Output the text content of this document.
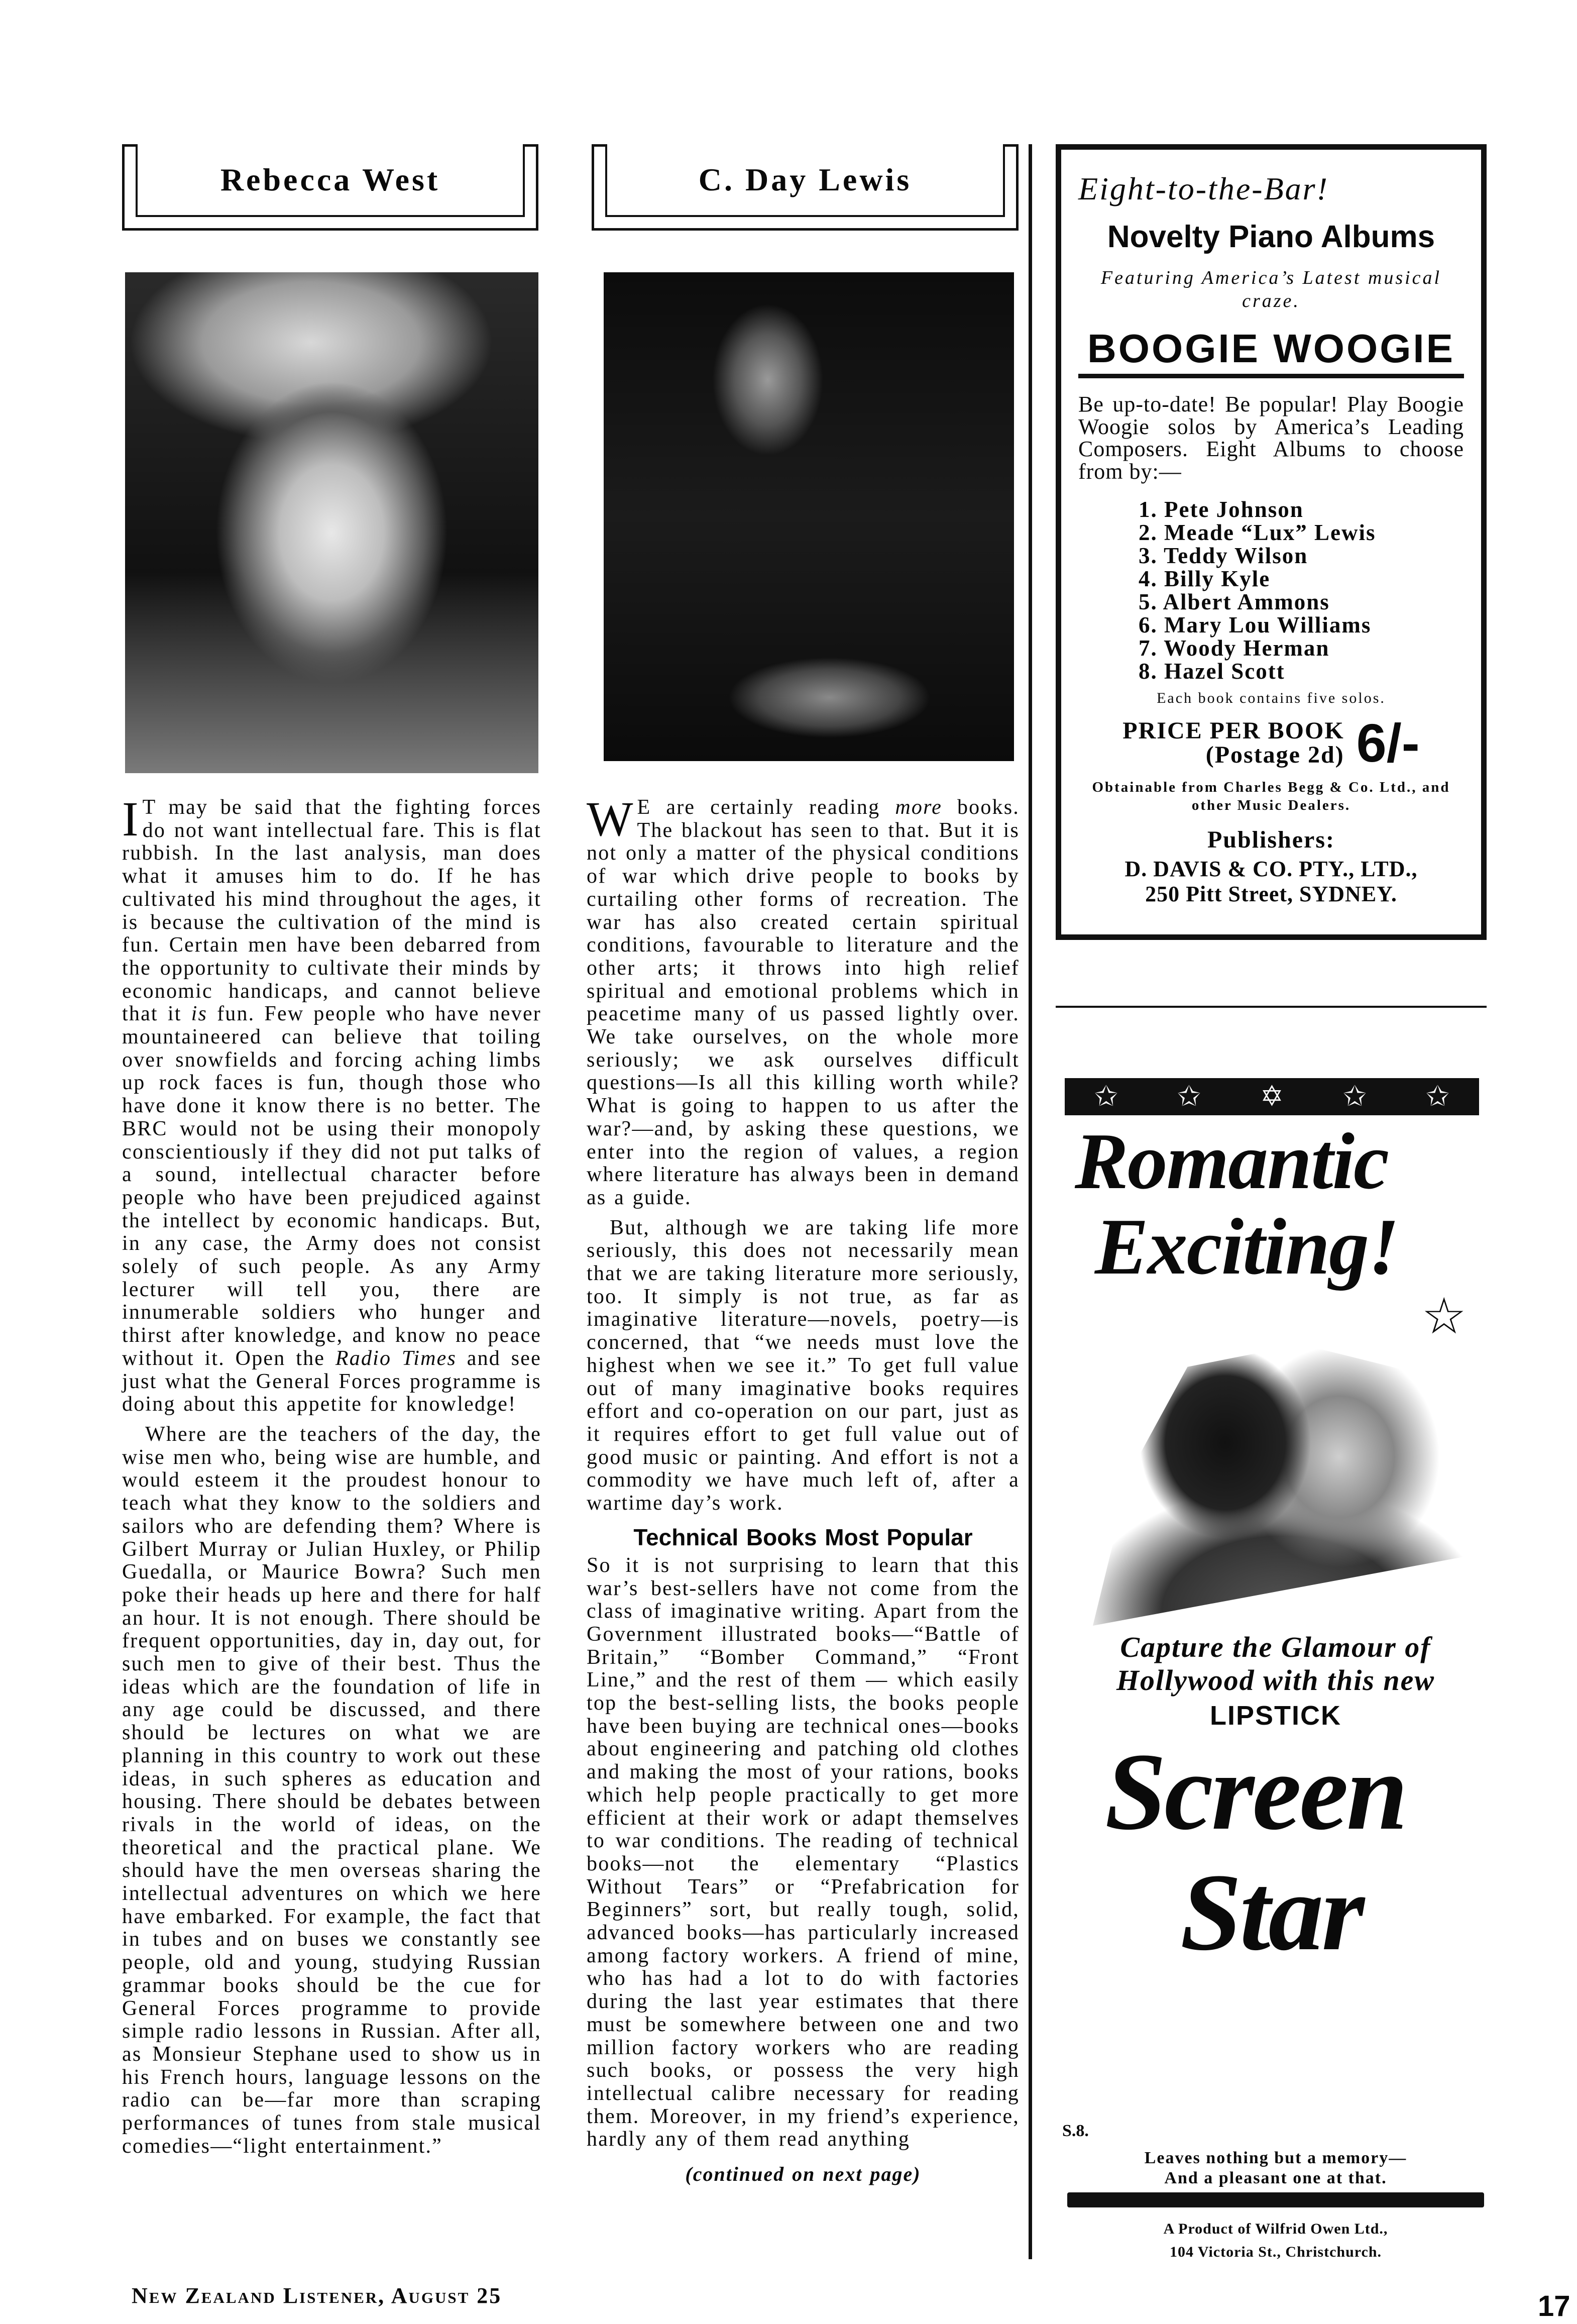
Rebecca West

I T may be said that the fighting forces do not want intellectual fare. This is flat rubbish. In the last analysis, man does what it amuses him to do. If he has cultivated his mind throughout the ages, it is because the cultivation of the mind is fun. Certain men have been debarred from the opportunity to cultivate their minds by economic handicaps, and cannot believe that it is fun. Few people who have never mountaineered can believe that toiling over snowfields and forcing aching limbs up rock faces is fun, though those who have done it know there is no better. The BRC would not be using their monopoly conscientiously if they did not put talks of a sound, intellectual character before people who have been prejudiced against the intellect by economic handicaps. But, in any case, the Army does not consist solely of such people. As any Army lecturer will tell you, there are innumerable soldiers who hunger and thirst after knowledge, and know no peace without it. Open the Radio Times and see just what the General Forces programme is doing about this appetite for knowledge!

Where are the teachers of the day, the wise men who, being wise are humble, and would esteem it the proudest honour to teach what they know to the soldiers and sailors who are defending them? Where is Gilbert Murray or Julian Huxley, or Philip Guedalla, or Maurice Bowra? Such men poke their heads up here and there for half an hour. It is not enough. There should be frequent opportunities, day in, day out, for such men to give of their best. Thus the ideas which are the foundation of life in any age could be discussed, and there should be lectures on what we are planning in this country to work out these ideas, in such spheres as education and housing. There should be debates between rivals in the world of ideas, on the theoretical and the practical plane. We should have the men overseas sharing the intellectual adventures on which we here have embarked. For example, the fact that in tubes and on buses we constantly see people, old and young, studying Russian grammar books should be the cue for General Forces programme to provide simple radio lessons in Russian. After all, as Monsieur Stephane used to show us in his French hours, language lessons on the radio can be—far more than scraping performances of tunes from stale musical comedies—“light entertainment.”

C. Day Lewis

W E are certainly reading more books. The blackout has seen to that. But it is not only a matter of the physical conditions of war which drive people to books by curtailing other forms of recreation. The war has also created certain spiritual conditions, favourable to literature and the other arts; it throws into high relief spiritual and emotional problems which in peacetime many of us passed lightly over. We take ourselves, on the whole more seriously; we ask ourselves difficult questions—Is all this killing worth while? What is going to happen to us after the war?—and, by asking these questions, we enter into the region of values, a region where literature has always been in demand as a guide.

But, although we are taking life more seriously, this does not necessarily mean that we are taking literature more seriously, too. It simply is not true, as far as imaginative literature—novels, poetry—is concerned, that “we needs must love the highest when we see it.” To get full value out of many imaginative books requires effort and co-operation on our part, just as it requires effort to get full value out of good music or painting. And effort is not a commodity we have much left of, after a wartime day’s work.

Technical Books Most Popular

So it is not surprising to learn that this war’s best-sellers have not come from the class of imaginative writing. Apart from the Government illustrated books—“Battle of Britain,” “Bomber Command,” “Front Line,” and the rest of them — which easily top the best-selling lists, the books people have been buying are technical ones—books about engineering and patching old clothes and making the most of your rations, books which help people practically to get more efficient at their work or adapt themselves to war conditions. The reading of technical books—not the elementary “Plastics Without Tears” or “Prefabrication for Beginners” sort, but really tough, solid, advanced books—has particularly increased among factory workers. A friend of mine, who has had a lot to do with factories during the last year estimates that there must be somewhere between one and two million factory workers who are reading such books, or possess the very high intellectual calibre necessary for reading them. Moreover, in my friend’s experience, hardly any of them read anything

(continued on next page)
New Zealand Listener, August 25	17
Eight-to-the-Bar!
Novelty Piano Albums
Featuring America’s Latest musical craze.
BOOGIE WOOGIE
Be up-to-date! Be popular! Play Boogie Woogie solos by America’s Leading Composers. Eight Albums to choose from by:—
1. Pete Johnson
2. Meade “Lux” Lewis
3. Teddy Wilson
4. Billy Kyle
5. Albert Ammons
6. Mary Lou Williams
7. Woody Herman
8. Hazel Scott
Each book contains five solos.
PRICE PER BOOK
(Postage 2d) 6/-
Obtainable from Charles Begg & Co. Ltd., and other Music Dealers.
Publishers:
D. DAVIS & CO. PTY., LTD.,
250 Pitt Street, SYDNEY.
✩ ✩ ✡ ✩ ✩
Romantic
Exciting!
☆
Capture the Glamour of Hollywood with this new
LIPSTICK
Screen
Star
S.8.
Leaves nothing but a memory—
And a pleasant one at that.
A Product of Wilfrid Owen Ltd.,
104 Victoria St., Christchurch.
